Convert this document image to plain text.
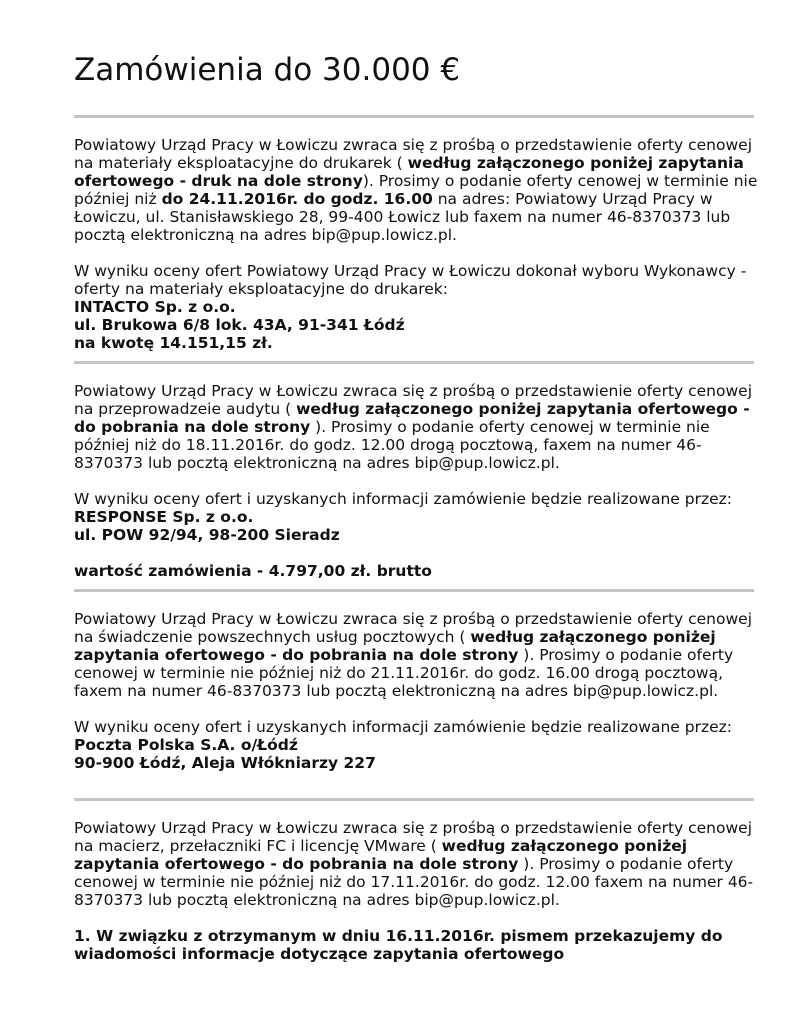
Zamówienia do 30.000 €

Powiatowy Urząd Pracy w Łowiczu zwraca się z prośbą o przedstawienie oferty cenowej na materiały eksploatacyjne do drukarek ( według załączonego poniżej zapytania ofertowego - druk na dole strony). Prosimy o podanie oferty cenowej w terminie nie później niż do 24.11.2016r. do godz. 16.00 na adres: Powiatowy Urząd Pracy w Łowiczu, ul. Stanisławskiego 28, 99-400 Łowicz lub faxem na numer 46-8370373 lub pocztą elektroniczną na adres bip@pup.lowicz.pl.

W wyniku oceny ofert Powiatowy Urząd Pracy w Łowiczu dokonał wyboru Wykonawcy - oferty na materiały eksploatacyjne do drukarek:

INTACTO Sp. z o.o.

ul. Brukowa 6/8 lok. 43A, 91-341 Łódź

na kwotę 14.151,15 zł.

Powiatowy Urząd Pracy w Łowiczu zwraca się z prośbą o przedstawienie oferty cenowej na przeprowadzeie audytu ( według załączonego poniżej zapytania ofertowego - do pobrania na dole strony ). Prosimy o podanie oferty cenowej w terminie nie później niż do 18.11.2016r. do godz. 12.00 drogą pocztową, faxem na numer 46-8370373 lub pocztą elektroniczną na adres bip@pup.lowicz.pl.

W wyniku oceny ofert i uzyskanych informacji zamówienie będzie realizowane przez:

RESPONSE Sp. z o.o.

ul. POW 92/94, 98-200 Sieradz

wartość zamówienia - 4.797,00 zł. brutto

Powiatowy Urząd Pracy w Łowiczu zwraca się z prośbą o przedstawienie oferty cenowej na świadczenie powszechnych usług pocztowych ( według załączonego poniżej zapytania ofertowego - do pobrania na dole strony ). Prosimy o podanie oferty cenowej w terminie nie później niż do 21.11.2016r. do godz. 16.00 drogą pocztową, faxem na numer 46-8370373 lub pocztą elektroniczną na adres bip@pup.lowicz.pl.

W wyniku oceny ofert i uzyskanych informacji zamówienie będzie realizowane przez:

Poczta Polska S.A. o/Łódź

90-900 Łódź, Aleja Włókniarzy 227

Powiatowy Urząd Pracy w Łowiczu zwraca się z prośbą o przedstawienie oferty cenowej na macierz, przełaczniki FC i licencję VMware ( według załączonego poniżej zapytania ofertowego - do pobrania na dole strony ). Prosimy o podanie oferty cenowej w terminie nie później niż do 17.11.2016r. do godz. 12.00 faxem na numer 46-8370373 lub pocztą elektroniczną na adres bip@pup.lowicz.pl.

1. W związku z otrzymanym w dniu 16.11.2016r. pismem przekazujemy do wiadomości informacje dotyczące zapytania ofertowego
